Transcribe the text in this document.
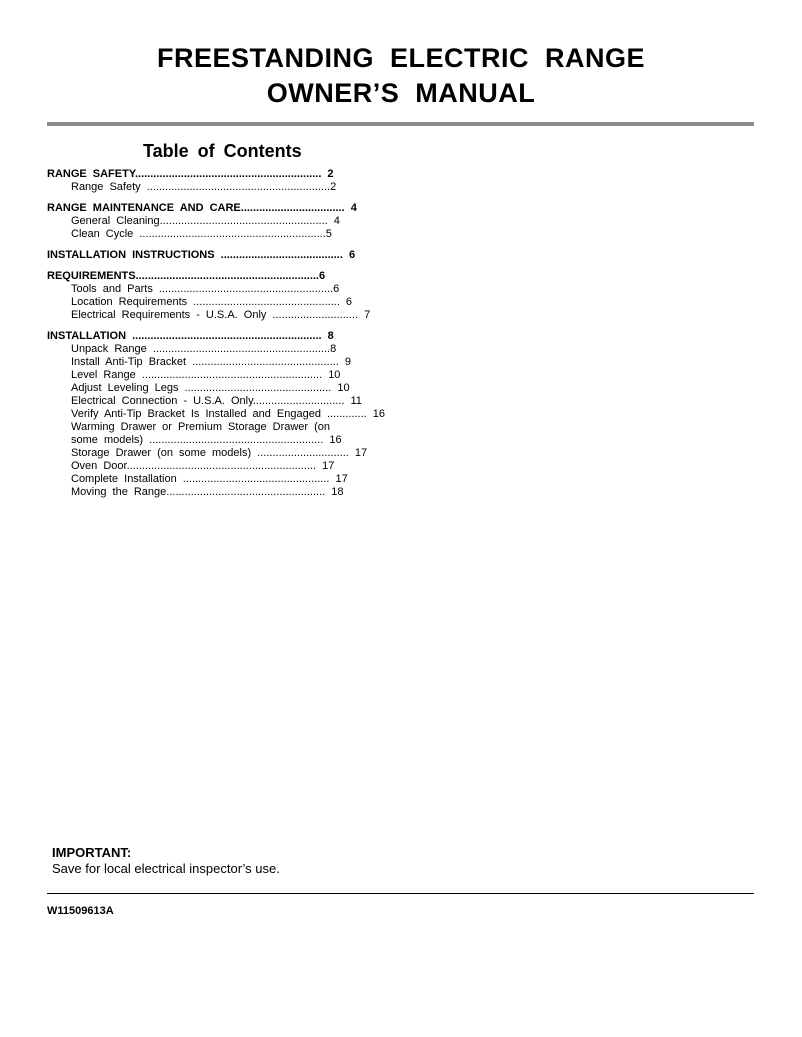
FREESTANDING ELECTRIC RANGE
OWNER’S MANUAL
Table of Contents
RANGE SAFETY............................................................. 2
Range Safety ............................................................2
RANGE MAINTENANCE AND CARE.................................. 4
General Cleaning....................................................... 4
Clean Cycle .............................................................5
INSTALLATION INSTRUCTIONS ........................................ 6
REQUIREMENTS............................................................6
Tools and Parts .........................................................6
Location Requirements ................................................ 6
Electrical Requirements - U.S.A. Only ............................ 7
INSTALLATION .............................................................. 8
Unpack Range ..........................................................8
Install Anti-Tip Bracket ................................................ 9
Level Range ........................................................... 10
Adjust Leveling Legs ................................................ 10
Electrical Connection - U.S.A. Only.............................. 11
Verify Anti-Tip Bracket Is Installed and Engaged ............. 16
Warming Drawer or Premium Storage Drawer (on
some models) ......................................................... 16
Storage Drawer (on some models) .............................. 17
Oven Door.............................................................. 17
Complete Installation ................................................ 17
Moving the Range.................................................... 18
IMPORTANT:
Save for local electrical inspector’s use.
W11509613A
